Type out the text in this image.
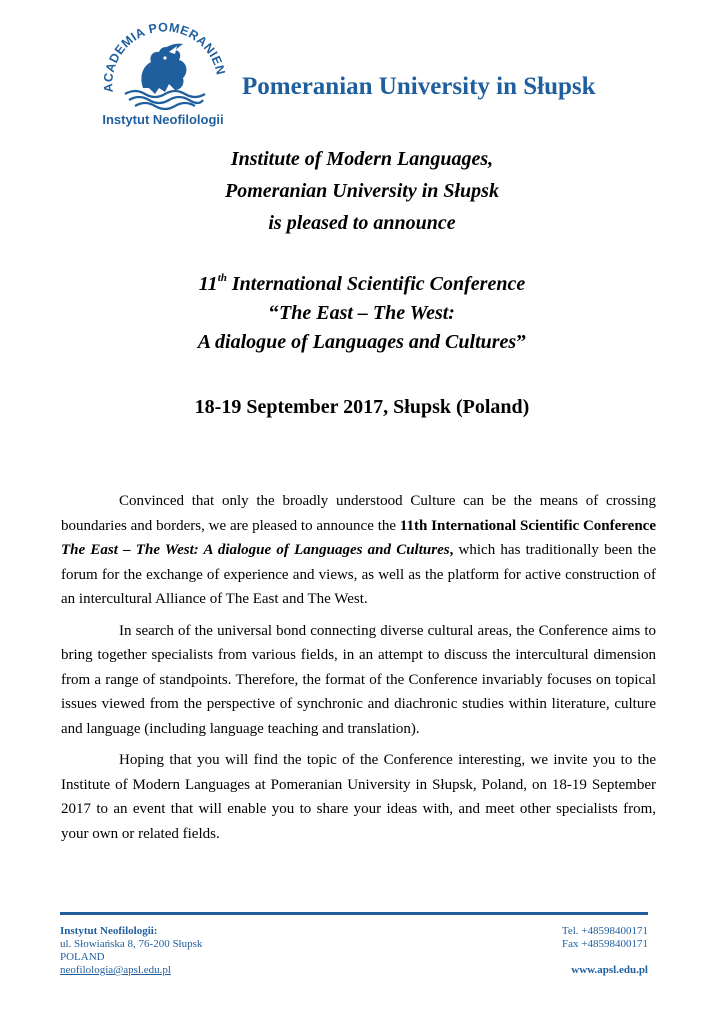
ACADEMIA POMERANIEN
Instytut Neofilologii
Pomeranian University in Słupsk
Institute of Modern Languages,
Pomeranian University in Słupsk
is pleased to announce
11th International Scientific Conference
“The East – The West:
A dialogue of Languages and Cultures”
18-19 September 2017, Słupsk (Poland)

Convinced that only the broadly understood Culture can be the means of crossing boundaries and borders, we are pleased to announce the 11th International Scientific Conference The East – The West: A dialogue of Languages and Cultures, which has traditionally been the forum for the exchange of experience and views, as well as the platform for active construction of an intercultural Alliance of The East and The West.

In search of the universal bond connecting diverse cultural areas, the Conference aims to bring together specialists from various fields, in an attempt to discuss the intercultural dimension from a range of standpoints. Therefore, the format of the Conference invariably focuses on topical issues viewed from the perspective of synchronic and diachronic studies within literature, culture and language (including language teaching and translation).

Hoping that you will find the topic of the Conference interesting, we invite you to the Institute of Modern Languages at Pomeranian University in Słupsk, Poland, on 18-19 September 2017 to an event that will enable you to share your ideas with, and meet other specialists from, your own or related fields.

Instytut Neofilologii:
ul. Słowiańska 8, 76-200 Słupsk
POLAND
neofilologia@apsl.edu.pl
Tel. +48598400171
Fax +48598400171
www.apsl.edu.pl
